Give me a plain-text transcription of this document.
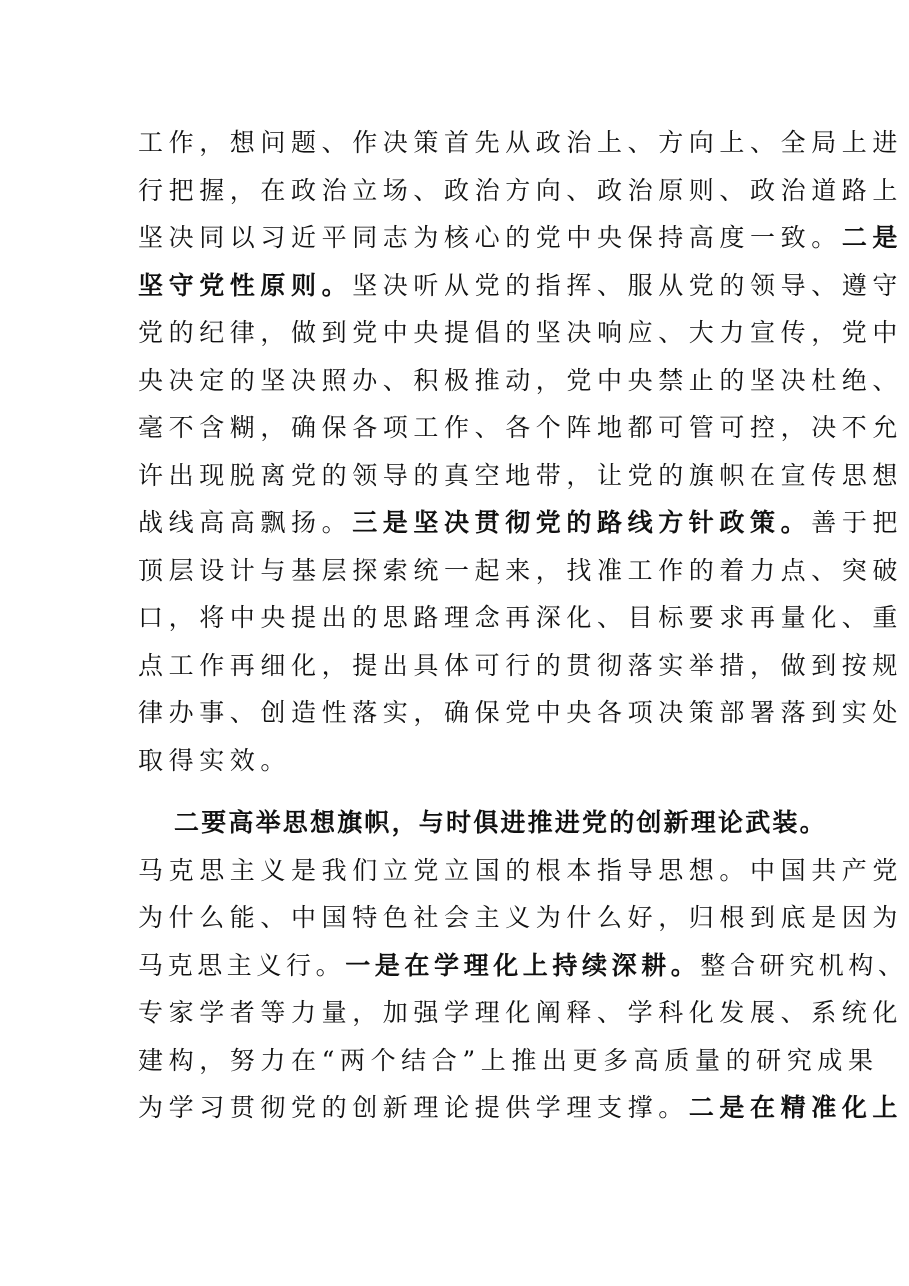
工作，想问题、作决策首先从政治上、方向上、全局上进
行把握，在政治立场、政治方向、政治原则、政治道路上
坚决同以习近平同志为核心的党中央保持高度一致。二是
坚守党性原则。坚决听从党的指挥、服从党的领导、遵守
党的纪律，做到党中央提倡的坚决响应、大力宣传，党中
央决定的坚决照办、积极推动，党中央禁止的坚决杜绝、
毫不含糊，确保各项工作、各个阵地都可管可控，决不允
许出现脱离党的领导的真空地带，让党的旗帜在宣传思想
战线高高飘扬。三是坚决贯彻党的路线方针政策。善于把
顶层设计与基层探索统一起来，找准工作的着力点、突破
口，将中央提出的思路理念再深化、目标要求再量化、重
点工作再细化，提出具体可行的贯彻落实举措，做到按规
律办事、创造性落实，确保党中央各项决策部署落到实处
取得实效。
二要高举思想旗帜，与时俱进推进党的创新理论武装。
马克思主义是我们立党立国的根本指导思想。中国共产党
为什么能、中国特色社会主义为什么好，归根到底是因为
马克思主义行。一是在学理化上持续深耕。整合研究机构、
专家学者等力量，加强学理化阐释、学科化发展、系统化
建构，努力在“两个结合”上推出更多高质量的研究成果
为学习贯彻党的创新理论提供学理支撑。二是在精准化上
